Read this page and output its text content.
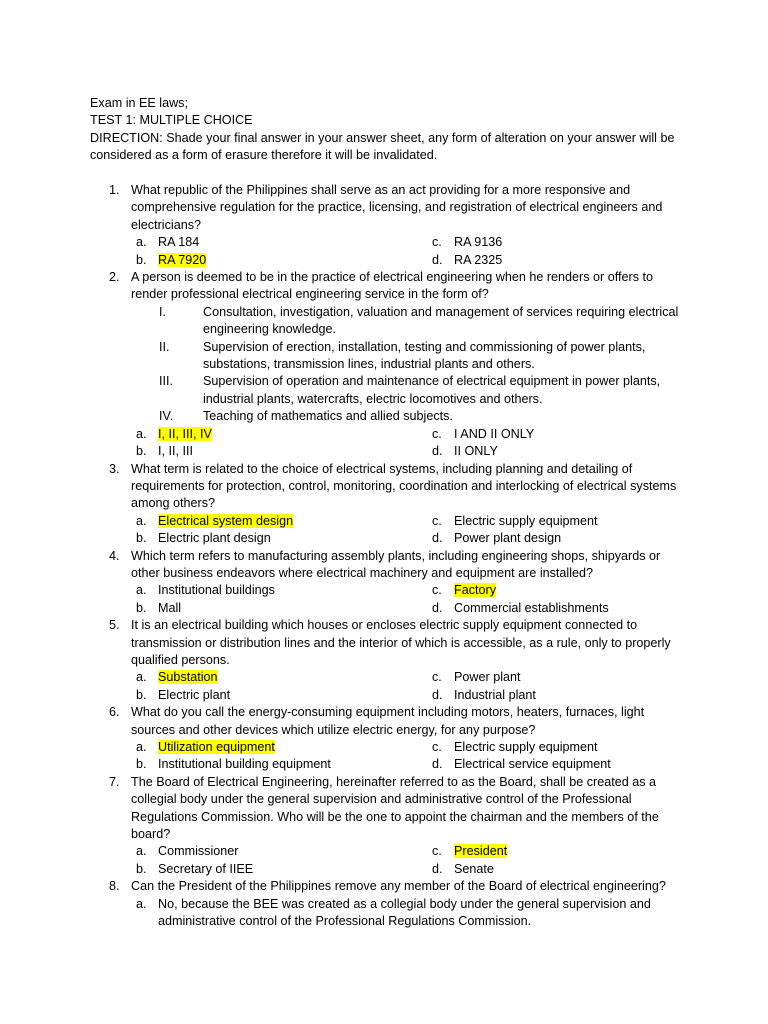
Exam in EE laws;

TEST 1: MULTIPLE CHOICE

DIRECTION: Shade your final answer in your answer sheet, any form of alteration on your answer will be considered as a form of erasure therefore it will be invalidated.

1. What republic of the Philippines shall serve as an act providing for a more responsive and comprehensive regulation for the practice, licensing, and registration of electrical engineers and electricians?

a. RA 184	c. RA 9136
b. RA 7920	d. RA 2325
2. A person is deemed to be in the practice of electrical engineering when he renders or offers to render professional electrical engineering service in the form of?

I.	Consultation, investigation, valuation and management of services requiring electrical engineering knowledge.
II.	Supervision of erection, installation, testing and commissioning of power plants, substations, transmission lines, industrial plants and others.
III. Supervision of operation and maintenance of electrical equipment in power plants, industrial plants, watercrafts, electric locomotives and others.
IV. Teaching of mathematics and allied subjects.
a. I, II, III, IV	c. I AND II ONLY
b. I, II, III	d. II ONLY
3. What term is related to the choice of electrical systems, including planning and detailing of requirements for protection, control, monitoring, coordination and interlocking of electrical systems among others?

a. Electrical system design	c. Electric supply equipment
b. Electric plant design	d. Power plant design
4. Which term refers to manufacturing assembly plants, including engineering shops, shipyards or other business endeavors where electrical machinery and equipment are installed?

a. Institutional buildings	c. Factory
b. Mall	d. Commercial establishments
5. It is an electrical building which houses or encloses electric supply equipment connected to transmission or distribution lines and the interior of which is accessible, as a rule, only to properly qualified persons.

a. Substation	c. Power plant
b. Electric plant	d. Industrial plant
6. What do you call the energy-consuming equipment including motors, heaters, furnaces, light sources and other devices which utilize electric energy, for any purpose?

a. Utilization equipment	c. Electric supply equipment
b. Institutional building equipment	d. Electrical service equipment
7. The Board of Electrical Engineering, hereinafter referred to as the Board, shall be created as a collegial body under the general supervision and administrative control of the Professional Regulations Commission. Who will be the one to appoint the chairman and the members of the board?

a. Commissioner	c. President
b. Secretary of IIEE	d. Senate
8. Can the President of the Philippines remove any member of the Board of electrical engineering?

a. No, because the BEE was created as a collegial body under the general supervision and administrative control of the Professional Regulations Commission.
